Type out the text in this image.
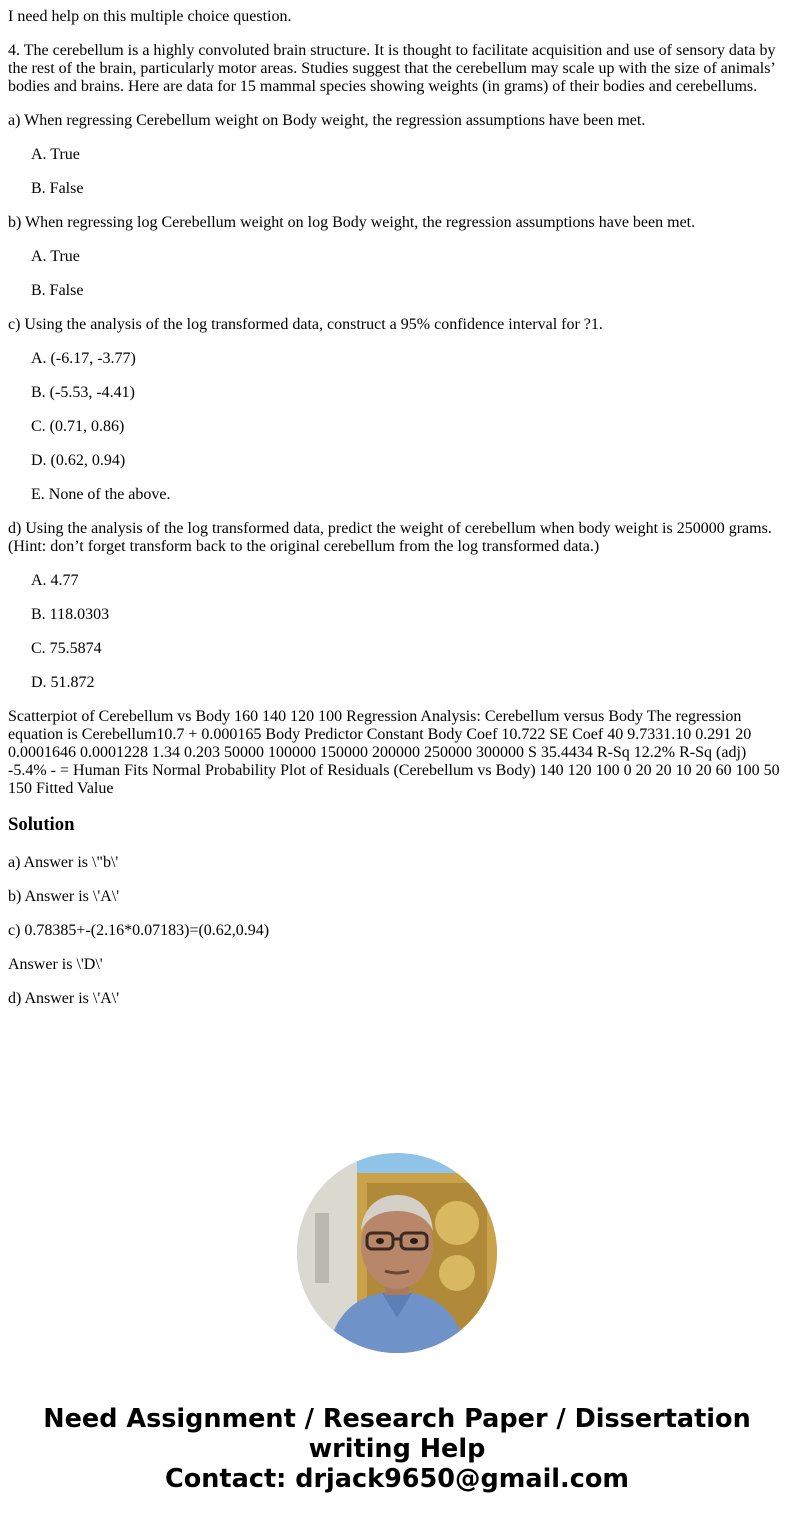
I need help on this multiple choice question.

4. The cerebellum is a highly convoluted brain structure. It is thought to facilitate acquisition and use of sensory data by the rest of the brain, particularly motor areas. Studies suggest that the cerebellum may scale up with the size of animals’ bodies and brains. Here are data for 15 mammal species showing weights (in grams) of their bodies and cerebellums.

a) When regressing Cerebellum weight on Body weight, the regression assumptions have been met.

A. True

B. False

b) When regressing log Cerebellum weight on log Body weight, the regression assumptions have been met.

A. True

B. False

c) Using the analysis of the log transformed data, construct a 95% confidence interval for ?1.

A. (-6.17, -3.77)

B. (-5.53, -4.41)

C. (0.71, 0.86)

D. (0.62, 0.94)

E. None of the above.

d) Using the analysis of the log transformed data, predict the weight of cerebellum when body weight is 250000 grams. (Hint: don’t forget transform back to the original cerebellum from the log transformed data.)

A. 4.77

B. 118.0303

C. 75.5874

D. 51.872

Scatterpiot of Cerebellum vs Body 160 140 120 100 Regression Analysis: Cerebellum versus Body The regression equation is Cerebellum10.7 + 0.000165 Body Predictor Constant Body Coef 10.722 SE Coef 40 9.7331.10 0.291 20 0.0001646 0.0001228 1.34 0.203 50000 100000 150000 200000 250000 300000 S 35.4434 R-Sq 12.2% R-Sq (adj) -5.4% - = Human Fits Normal Probability Plot of Residuals (Cerebellum vs Body) 140 120 100 0 20 20 10 20 60 100 50 150 Fitted Value

Solution

a) Answer is \"b\'

b) Answer is \'A\'

c) 0.78385+-(2.16*0.07183)=(0.62,0.94)

Answer is \'D\'

d) Answer is \'A\'

Need Assignment / Research Paper / Dissertation
writing Help
Contact: drjack9650@gmail.com
